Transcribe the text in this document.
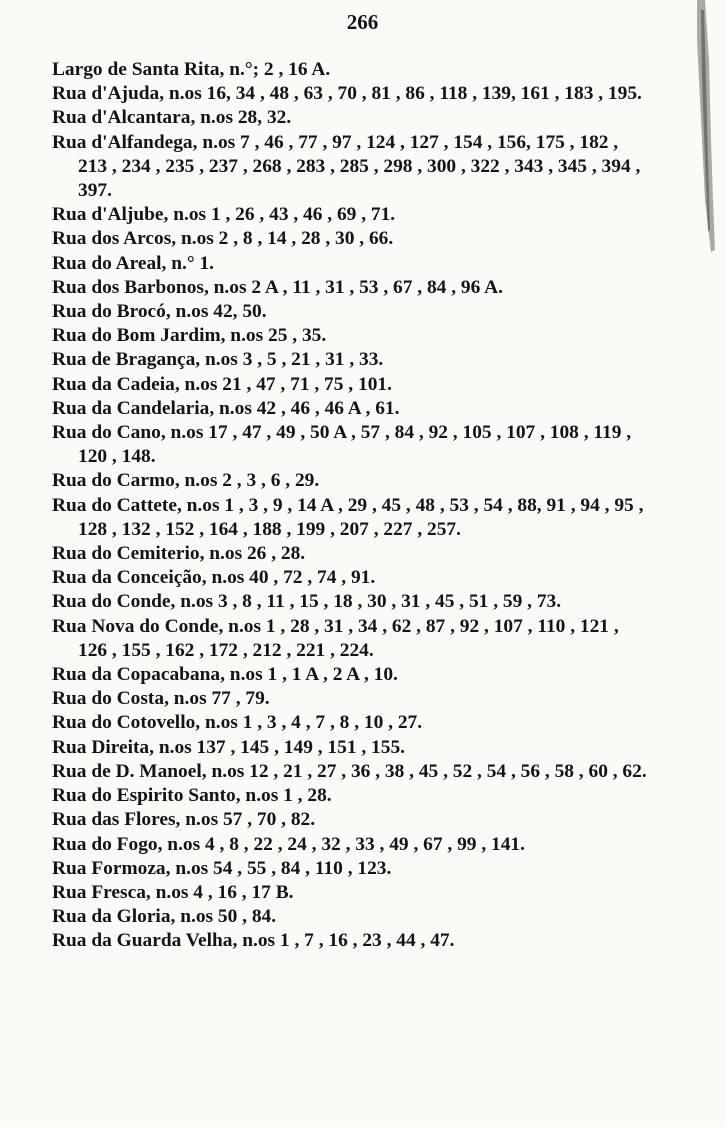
266
Largo de Santa Rita, n.°; 2 , 16 A.
Rua d'Ajuda, n.os 16, 34 , 48 , 63 , 70 , 81 , 86 , 118 , 139, 161 , 183 , 195.
Rua d'Alcantara, n.os 28, 32.
Rua d'Alfandega, n.os 7 , 46 , 77 , 97 , 124 , 127 , 154 , 156, 175 , 182 , 213 , 234 , 235 , 237 , 268 , 283 , 285 , 298 , 300 , 322 , 343 , 345 , 394 , 397.
Rua d'Aljube, n.os 1 , 26 , 43 , 46 , 69 , 71.
Rua dos Arcos, n.os 2 , 8 , 14 , 28 , 30 , 66.
Rua do Areal, n.° 1.
Rua dos Barbonos, n.os 2 A , 11 , 31 , 53 , 67 , 84 , 96 A.
Rua do Brocó, n.os 42, 50.
Rua do Bom Jardim, n.os 25 , 35.
Rua de Bragança, n.os 3 , 5 , 21 , 31 , 33.
Rua da Cadeia, n.os 21 , 47 , 71 , 75 , 101.
Rua da Candelaria, n.os 42 , 46 , 46 A , 61.
Rua do Cano, n.os 17 , 47 , 49 , 50 A , 57 , 84 , 92 , 105 , 107 , 108 , 119 , 120 , 148.
Rua do Carmo, n.os 2 , 3 , 6 , 29.
Rua do Cattete, n.os 1 , 3 , 9 , 14 A , 29 , 45 , 48 , 53 , 54 , 88, 91 , 94 , 95 , 128 , 132 , 152 , 164 , 188 , 199 , 207 , 227 , 257.
Rua do Cemiterio, n.os 26 , 28.
Rua da Conceição, n.os 40 , 72 , 74 , 91.
Rua do Conde, n.os 3 , 8 , 11 , 15 , 18 , 30 , 31 , 45 , 51 , 59 , 73.
Rua Nova do Conde, n.os 1 , 28 , 31 , 34 , 62 , 87 , 92 , 107 , 110 , 121 , 126 , 155 , 162 , 172 , 212 , 221 , 224.
Rua da Copacabana, n.os 1 , 1 A , 2 A , 10.
Rua do Costa, n.os 77 , 79.
Rua do Cotovello, n.os 1 , 3 , 4 , 7 , 8 , 10 , 27.
Rua Direita, n.os 137 , 145 , 149 , 151 , 155.
Rua de D. Manoel, n.os 12 , 21 , 27 , 36 , 38 , 45 , 52 , 54 , 56 , 58 , 60 , 62.
Rua do Espirito Santo, n.os 1 , 28.
Rua das Flores, n.os 57 , 70 , 82.
Rua do Fogo, n.os 4 , 8 , 22 , 24 , 32 , 33 , 49 , 67 , 99 , 141.
Rua Formoza, n.os 54 , 55 , 84 , 110 , 123.
Rua Fresca, n.os 4 , 16 , 17 B.
Rua da Gloria, n.os 50 , 84.
Rua da Guarda Velha, n.os 1 , 7 , 16 , 23 , 44 , 47.
